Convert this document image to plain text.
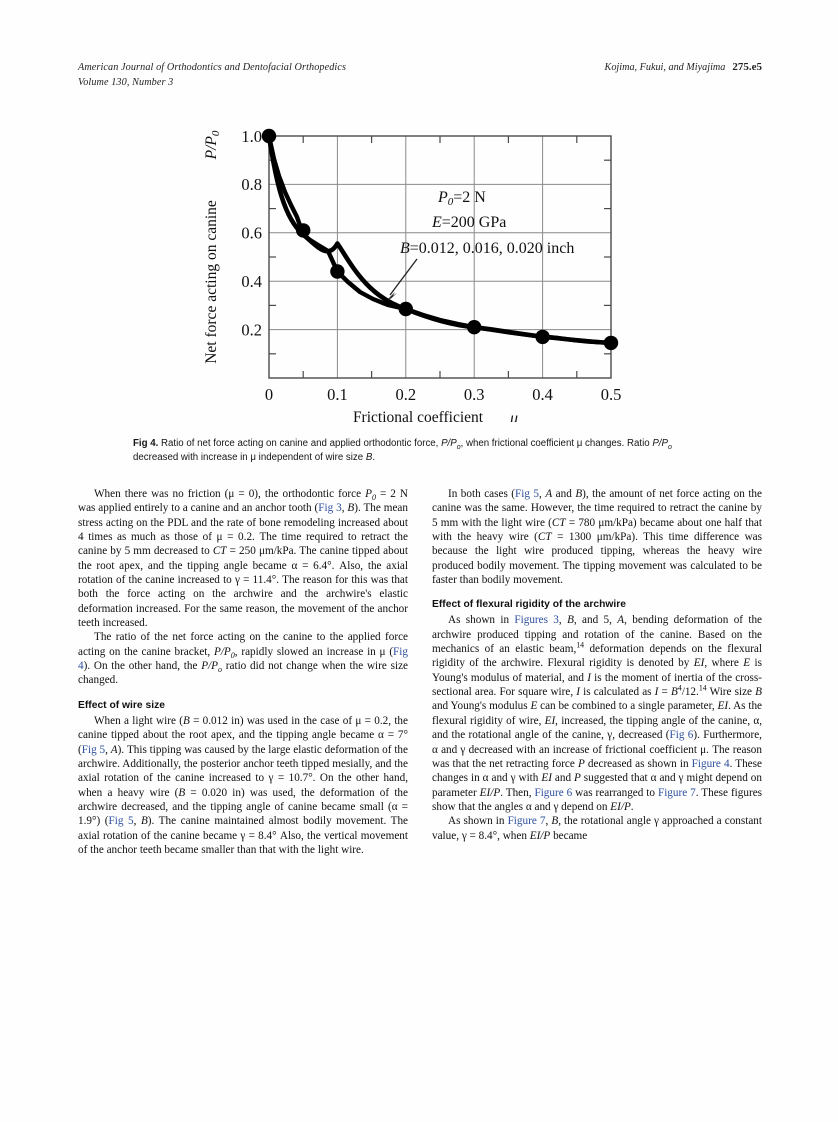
American Journal of Orthodontics and Dentofacial Orthopedics
Volume 130, Number 3
Kojima, Fukui, and Miyajima 275.e5
1.0
0.8
0.6
0.4
0.2
0	0.1	0.2	0.3	0.4	0.5
Net force acting on canine
P/P0
Frictional coefficient μ
P0=2 N
E=200 GPa
B=0.012, 0.016, 0.020 inch
Fig 4. Ratio of net force acting on canine and applied orthodontic force, $P/P_o$, when frictional coefficient μ changes. Ratio $P/P_o$ decreased with increase in μ independent of wire size B.

When there was no friction (μ = 0), the orthodontic force $P_0 = 2$ N was applied entirely to a canine and an anchor tooth (Fig 3, B). The mean stress acting on the PDL and the rate of bone remodeling increased about 4 times as much as those of μ = 0.2. The time required to retract the canine by 5 mm decreased to CT = 250 μm/kPa. The canine tipped about the root apex, and the tipping angle became α = 6.4°. Also, the axial rotation of the canine increased to γ = 11.4°. The reason for this was that both the force acting on the archwire and the archwire's elastic deformation increased. For the same reason, the movement of the anchor teeth increased.

The ratio of the net force acting on the canine to the applied force acting on the canine bracket, $P/P_0$, rapidly slowed an increase in μ (Fig 4). On the other hand, the $P/P_o$ ratio did not change when the wire size changed.

Effect of wire size

When a light wire (B = 0.012 in) was used in the case of μ = 0.2, the canine tipped about the root apex, and the tipping angle became α = 7° (Fig 5, A). This tipping was caused by the large elastic deformation of the archwire. Additionally, the posterior anchor teeth tipped mesially, and the axial rotation of the canine increased to γ = 10.7°. On the other hand, when a heavy wire (B = 0.020 in) was used, the deformation of the archwire decreased, and the tipping angle of canine became small (α = 1.9°) (Fig 5, B). The canine maintained almost bodily movement. The axial rotation of the canine became γ = 8.4° Also, the vertical movement of the anchor teeth became smaller than that with the light wire.

In both cases (Fig 5, A and B), the amount of net force acting on the canine was the same. However, the time required to retract the canine by 5 mm with the light wire (CT = 780 μm/kPa) became about one half that with the heavy wire (CT = 1300 μm/kPa). This time difference was because the light wire produced tipping, whereas the heavy wire produced bodily movement. The tipping movement was calculated to be faster than bodily movement.

Effect of flexural rigidity of the archwire

As shown in Figures 3, B, and 5, A, bending deformation of the archwire produced tipping and rotation of the canine. Based on the mechanics of an elastic beam,$^{14}$ deformation depends on the flexural rigidity of the archwire. Flexural rigidity is denoted by EI, where E is Young's modulus of material, and I is the moment of inertia of the cross-sectional area. For square wire, I is calculated as $I = B^4/12.14$ Wire size B and Young's modulus E can be combined to a single parameter, EI. As the flexural rigidity of wire, EI, increased, the tipping angle of the canine, α, and the rotational angle of the canine, γ, decreased (Fig 6). Furthermore, α and γ decreased with an increase of frictional coefficient μ. The reason was that the net retracting force P decreased as shown in Figure 4. These changes in α and γ with EI and P suggested that α and γ might depend on parameter EI/P. Then, Figure 6 was rearranged to Figure 7. These figures show that the angles α and γ depend on EI/P.

As shown in Figure 7, B, the rotational angle γ approached a constant value, γ = 8.4°, when EI/P became
